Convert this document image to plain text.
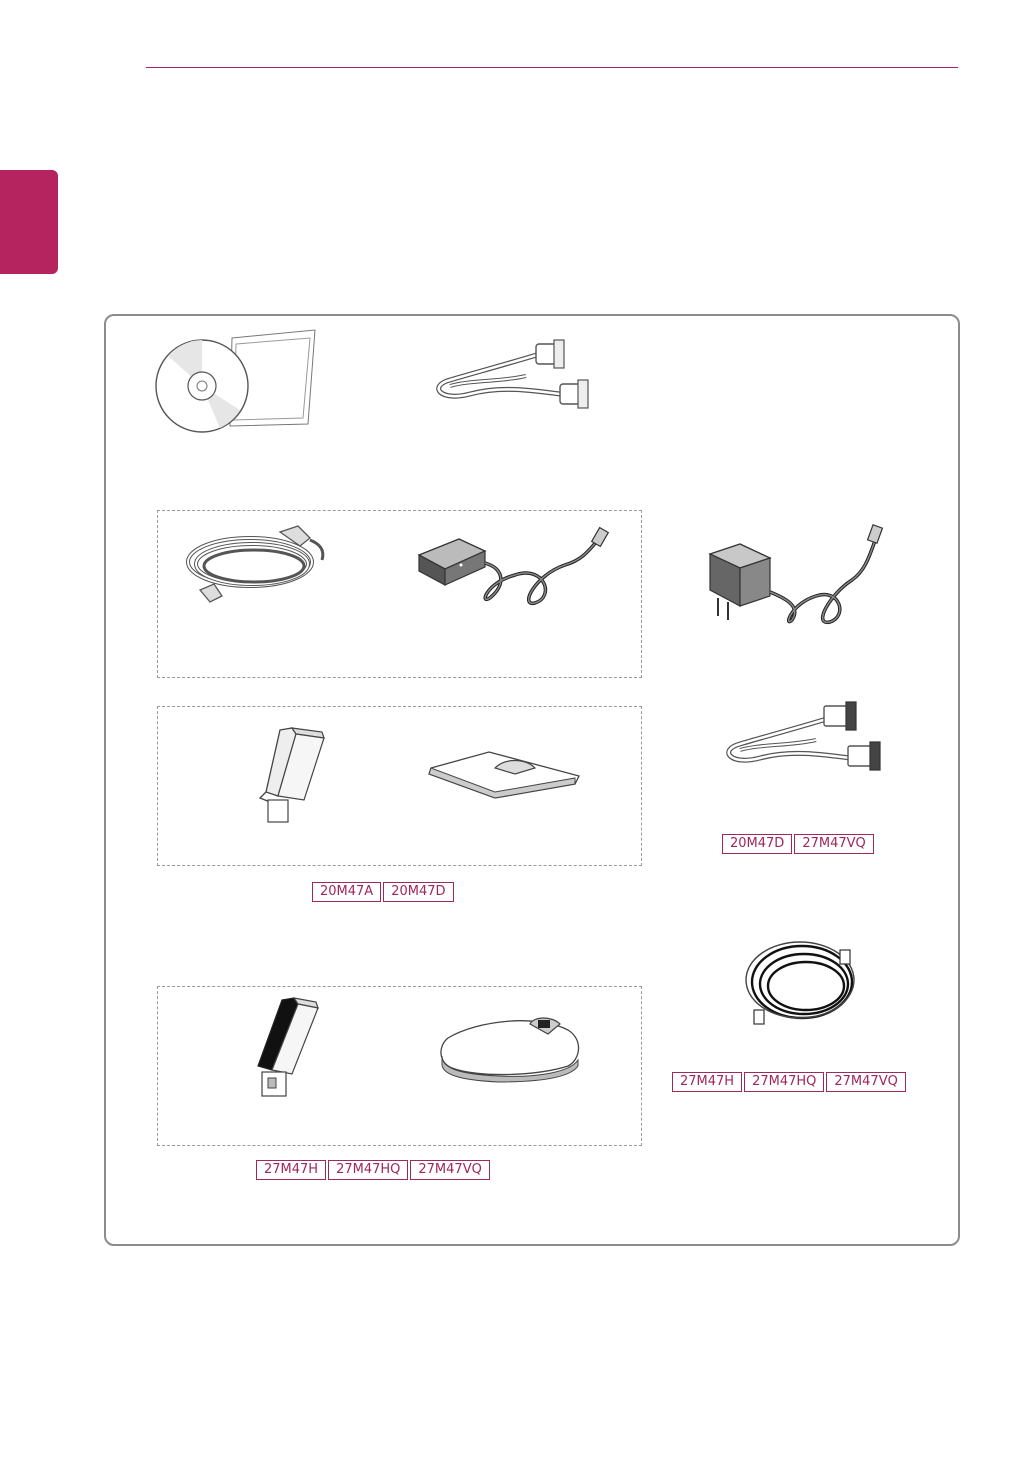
20M47D	27M47VQ
20M47A	20M47D
27M47H	27M47HQ	27M47VQ
27M47H	27M47HQ	27M47VQ
